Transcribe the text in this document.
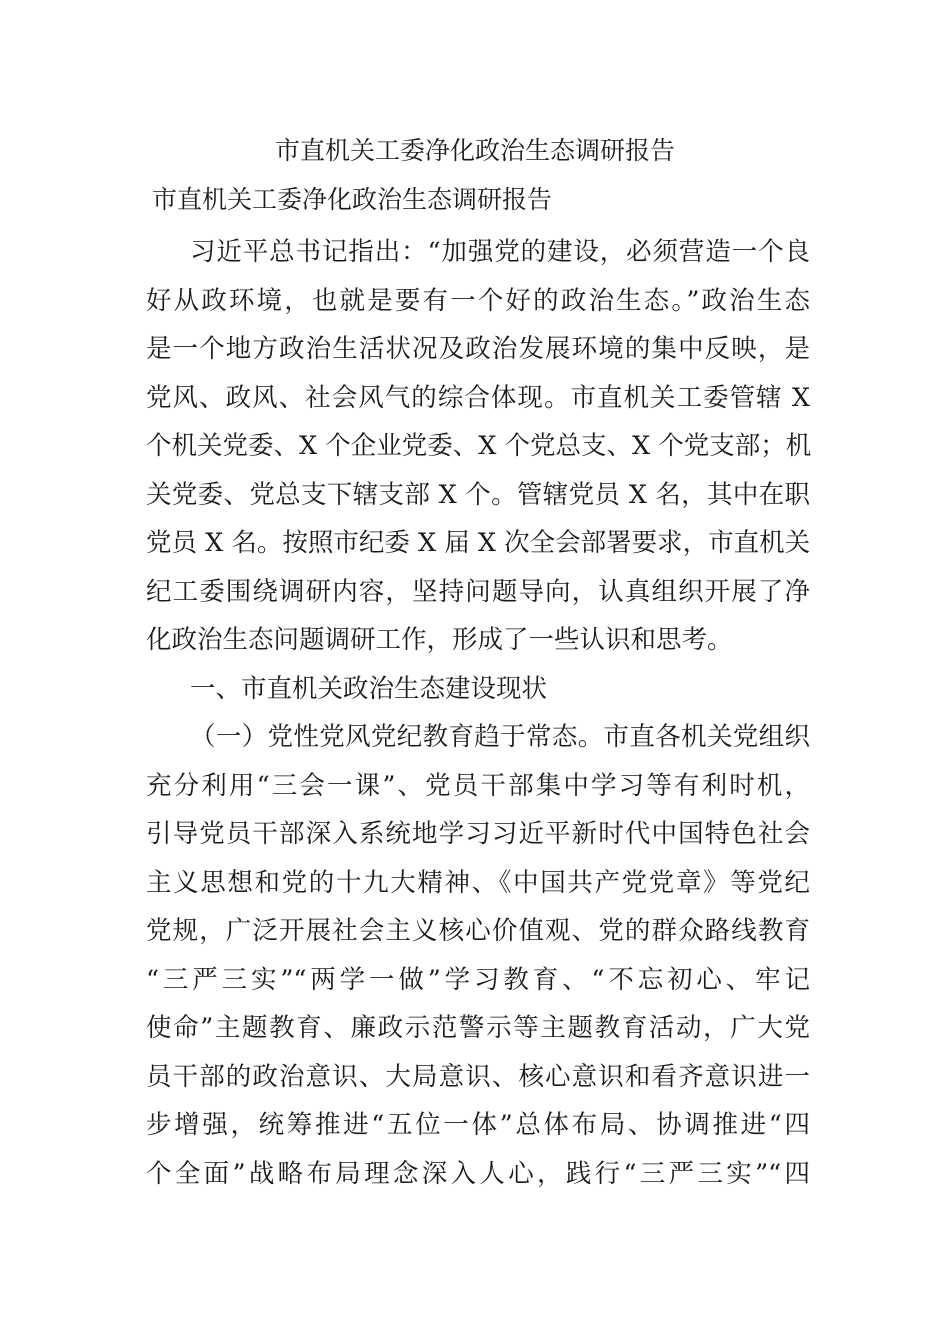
市直机关工委净化政治生态调研报告
市直机关工委净化政治生态调研报告
习近平总书记指出：“加强党的建设，必须营造一个良
好从政环境，也就是要有一个好的政治生态。”政治生态
是一个地方政治生活状况及政治发展环境的集中反映，是
党风、政风、社会风气的综合体现。市直机关工委管辖 X
个机关党委、X 个企业党委、X 个党总支、X 个党支部；机
关党委、党总支下辖支部 X 个。管辖党员 X 名，其中在职
党员 X 名。按照市纪委 X 届 X 次全会部署要求，市直机关
纪工委围绕调研内容，坚持问题导向，认真组织开展了净
化政治生态问题调研工作，形成了一些认识和思考。
一、市直机关政治生态建设现状
（一）党性党风党纪教育趋于常态。市直各机关党组织
充分利用“三会一课”、党员干部集中学习等有利时机，
引导党员干部深入系统地学习习近平新时代中国特色社会
主义思想和党的十九大精神、《中国共产党党章》等党纪
党规，广泛开展社会主义核心价值观、党的群众路线教育
“三严三实”“两学一做”学习教育、“不忘初心、牢记
使命”主题教育、廉政示范警示等主题教育活动，广大党
员干部的政治意识、大局意识、核心意识和看齐意识进一
步增强，统筹推进“五位一体”总体布局、协调推进“四
个全面”战略布局理念深入人心，践行“三严三实”“四
